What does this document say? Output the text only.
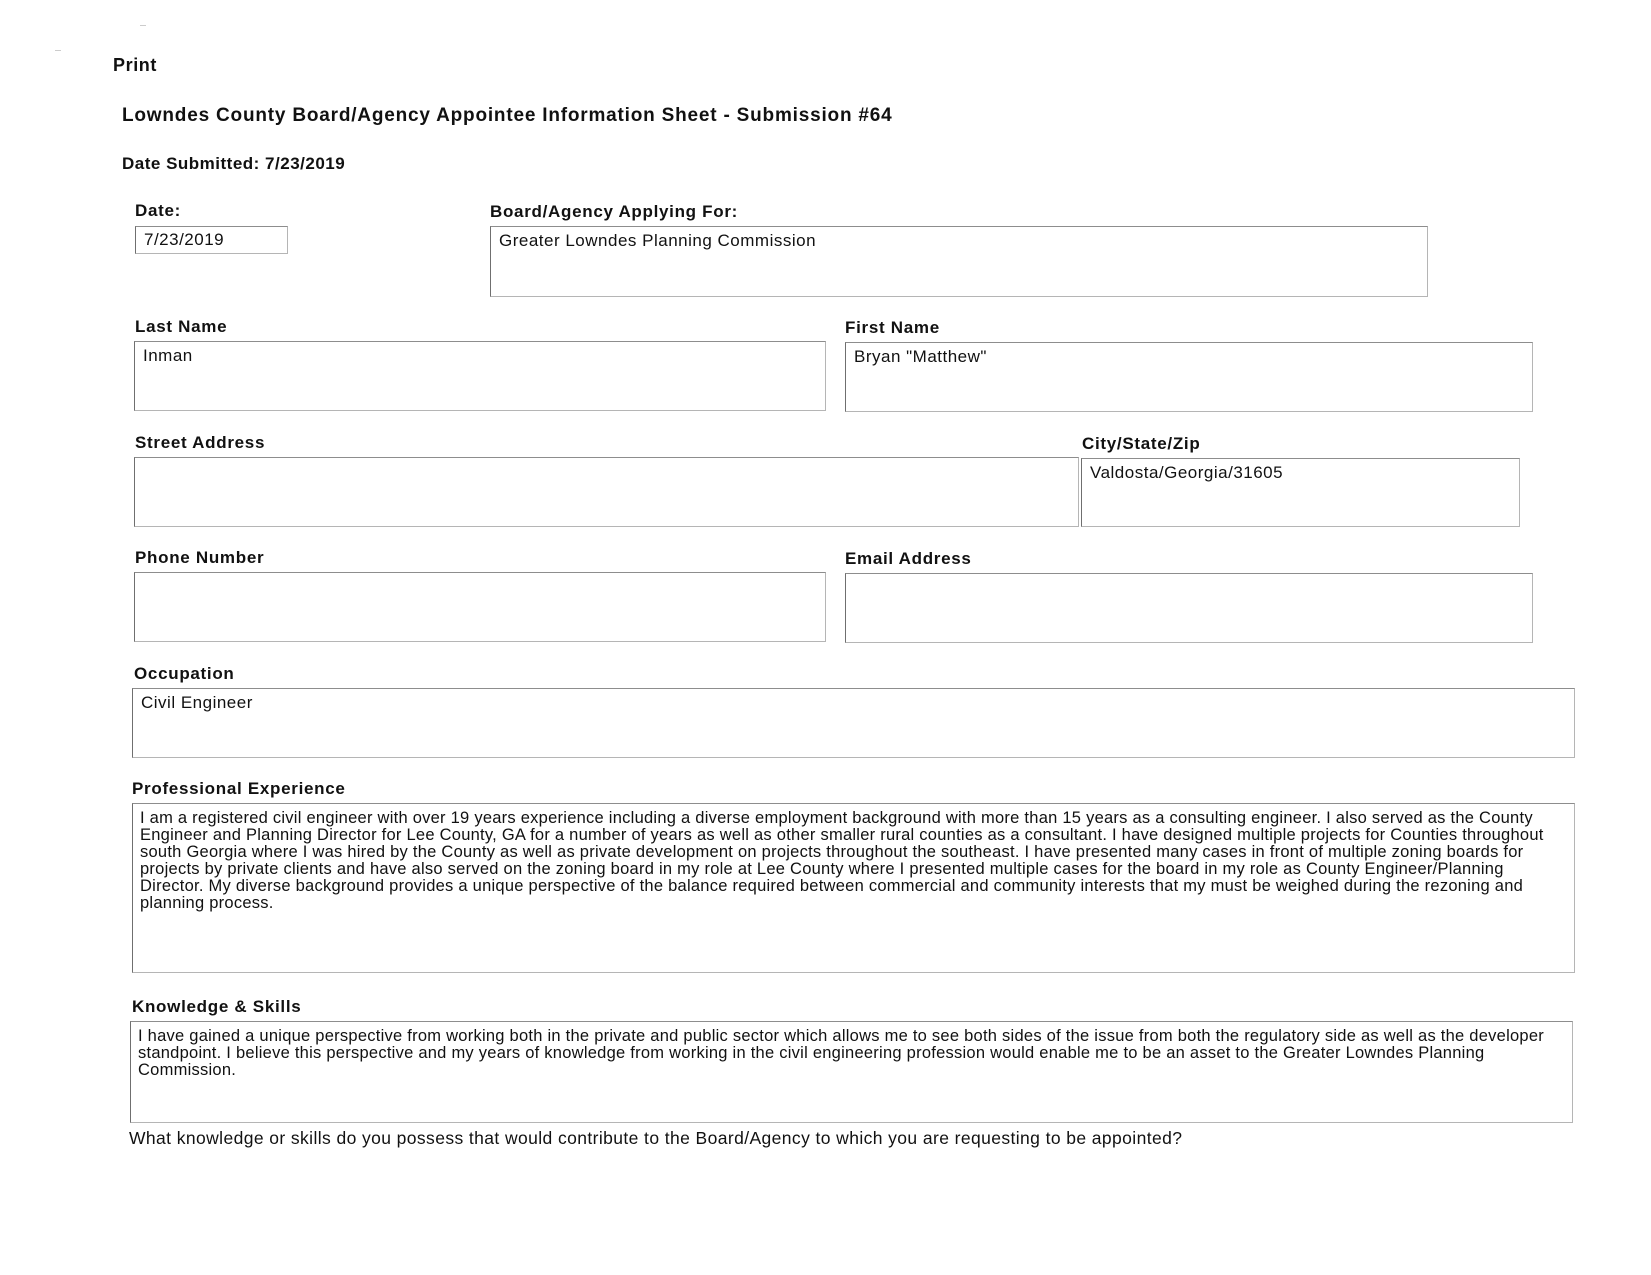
Print
Lowndes County Board/Agency Appointee Information Sheet - Submission #64
Date Submitted: 7/23/2019
Date:
7/23/2019
Board/Agency Applying For:
Greater Lowndes Planning Commission
Last Name
Inman
First Name
Bryan "Matthew"
Street Address	City/State/Zip
Valdosta/Georgia/31605
Phone Number	Email Address
Occupation
Civil Engineer
Professional Experience
I am a registered civil engineer with over 19 years experience including a diverse employment background with more than 15 years as a consulting engineer. I also served as the County Engineer and Planning Director for Lee County, GA for a number of years as well as other smaller rural counties as a consultant. I have designed multiple projects for Counties throughout south Georgia where I was hired by the County as well as private development on projects throughout the southeast. I have presented many cases in front of multiple zoning boards for projects by private clients and have also served on the zoning board in my role at Lee County where I presented multiple cases for the board in my role as County Engineer/Planning Director. My diverse background provides a unique perspective of the balance required between commercial and community interests that my must be weighed during the rezoning and planning process.
Knowledge & Skills
I have gained a unique perspective from working both in the private and public sector which allows me to see both sides of the issue from both the regulatory side as well as the developer standpoint. I believe this perspective and my years of knowledge from working in the civil engineering profession would enable me to be an asset to the Greater Lowndes Planning Commission.
What knowledge or skills do you possess that would contribute to the Board/Agency to which you are requesting to be appointed?
